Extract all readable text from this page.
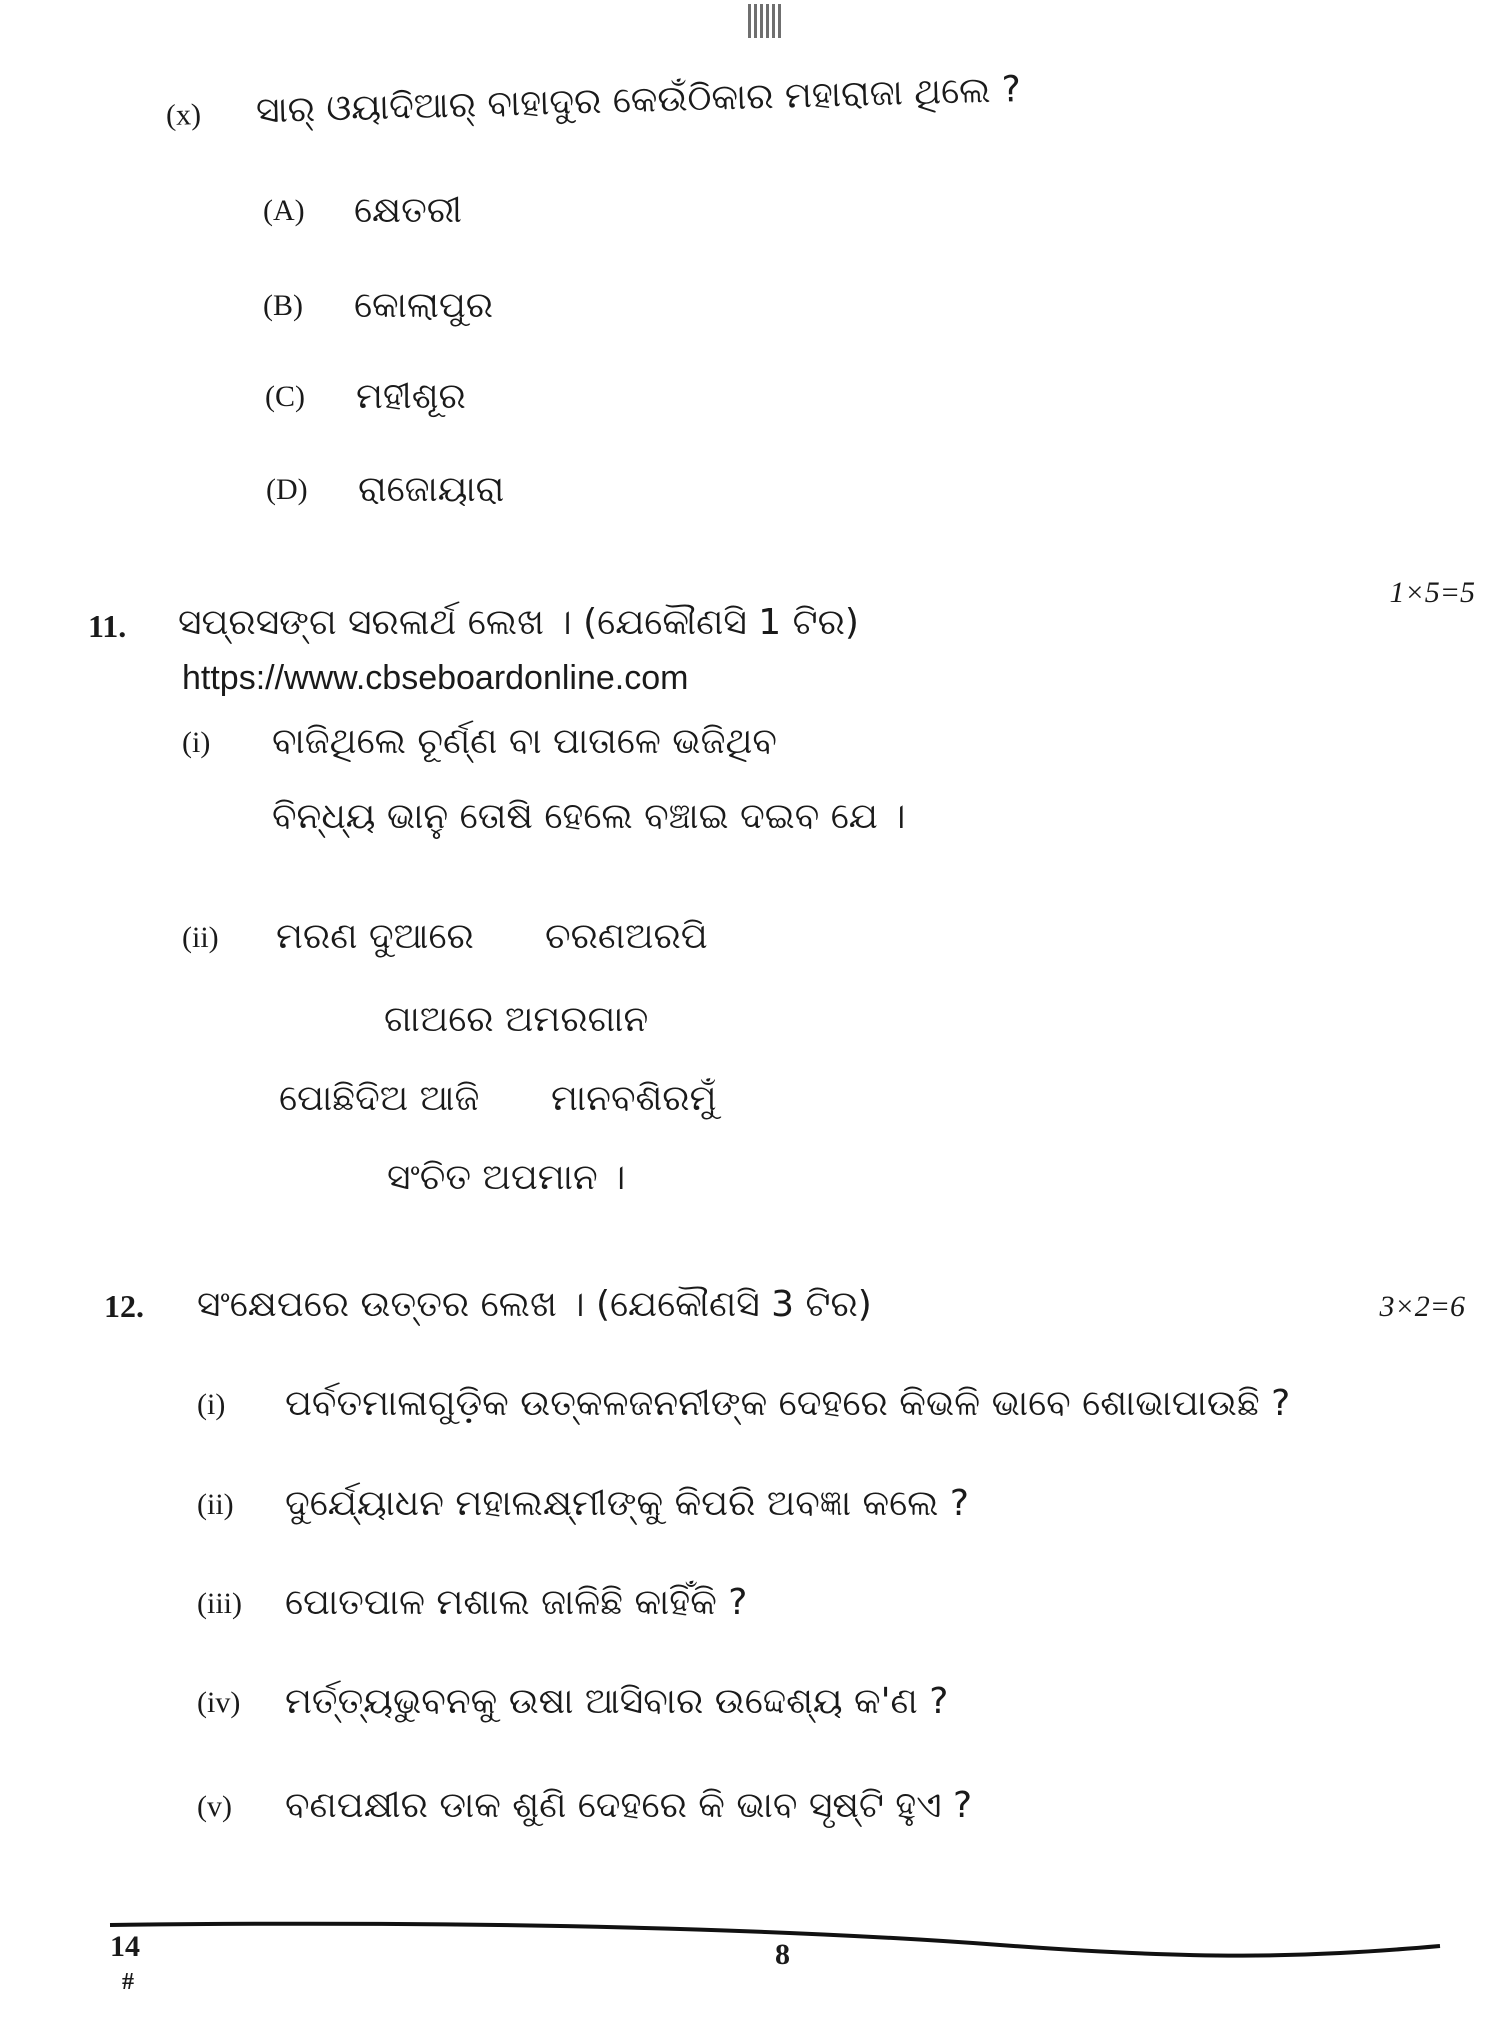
(x) ସାର୍ ଓୟାଦିଆର୍ ବାହାଦୁର କେଉଁଠିକାର ମହାରାଜା ଥିଲେ ?
(A) କ୍ଷେତରୀ
(B) କୋଲାପୁର
(C) ମହୀଶୂର
(D) ରାଜୋୟାରା
11. ସପ୍ରସଙ୍ଗ ସରଳାର୍ଥ ଲେଖ । (ଯେକୌଣସି 1 ଟିର)
1×5=5
https://www.cbseboardonline.com
(i) ବାଜିଥିଲେ ଚୂର୍ଣ୍ଣ ବା ପାତାଳେ ଭଜିଥିବ
ବିନ୍ଧ୍ୟ ଭାନୁ ତୋଷି ହେଲେ ବଞ୍ଚାଇ ଦଇବ ଯେ ।
(ii) ମରଣ ଦୁଆରେ ଚରଣଅରପି
ଗାଅରେ ଅମରଗାନ
ପୋଛିଦିଅ ଆଜି ମାନବଶିରମୁଁ
ସଂଚିତ ଅପମାନ ।
12. ସଂକ୍ଷେପରେ ଉତ୍ତର ଲେଖ । (ଯେକୌଣସି 3 ଟିର)	3×2=6
(i) ପର୍ବତମାଳାଗୁଡ଼ିକ ଉତ୍କଳଜନନୀଙ୍କ ଦେହରେ କିଭଳି ଭାବେ ଶୋଭାପାଉଛି ?
(ii) ଦୁର୍ଯ୍ୟୋଧନ ମହାଲକ୍ଷ୍ମୀଙ୍କୁ କିପରି ଅବଜ୍ଞା କଲେ ?
(iii) ପୋତପାଳ ମଶାଲ ଜାଳିଛି କାହିଁକି ?
(iv) ମର୍ତ୍ତ୍ୟଭୁବନକୁ ଉଷା ଆସିବାର ଉଦ୍ଦେଶ୍ୟ କ'ଣ ?
(v) ବଣପକ୍ଷୀର ଡାକ ଶୁଣି ଦେହରେ କି ଭାବ ସୃଷ୍ଟି ହୁଏ ?
14
#
8
